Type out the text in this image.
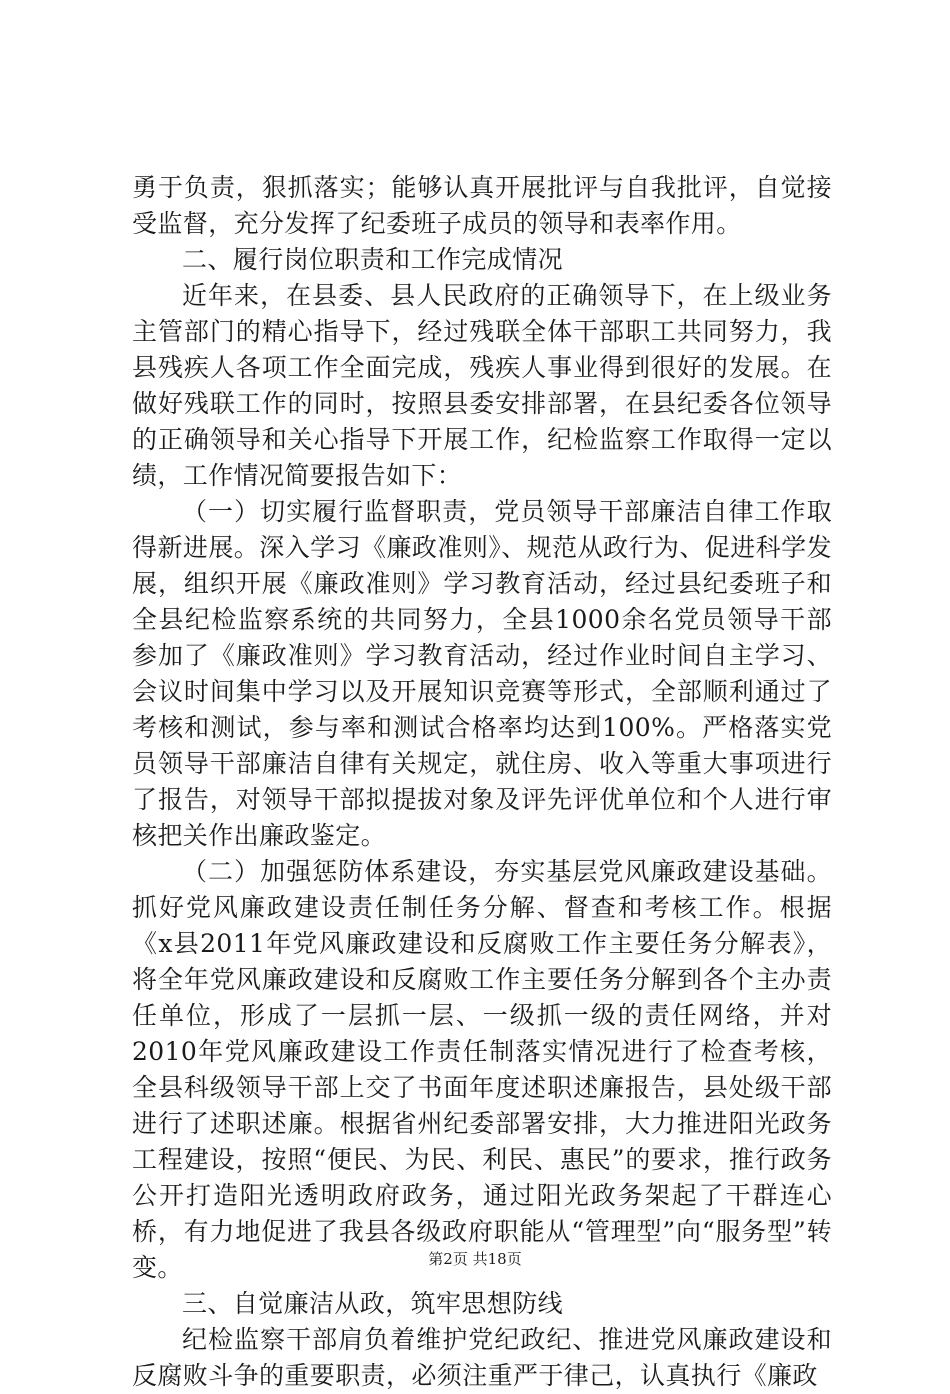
勇于负责，狠抓落实；能够认真开展批评与自我批评，自觉接受监督，充分发挥了纪委班子成员的领导和表率作用。

二、履行岗位职责和工作完成情况

近年来，在县委、县人民政府的正确领导下，在上级业务主管部门的精心指导下，经过残联全体干部职工共同努力，我县残疾人各项工作全面完成，残疾人事业得到很好的发展。在做好残联工作的同时，按照县委安排部署，在县纪委各位领导的正确领导和关心指导下开展工作，纪检监察工作取得一定以绩，工作情况简要报告如下：

（一）切实履行监督职责，党员领导干部廉洁自律工作取得新进展。深入学习《廉政准则》、规范从政行为、促进科学发展，组织开展《廉政准则》学习教育活动，经过县纪委班子和全县纪检监察系统的共同努力，全县1000余名党员领导干部参加了《廉政准则》学习教育活动，经过作业时间自主学习、会议时间集中学习以及开展知识竞赛等形式，全部顺利通过了考核和测试，参与率和测试合格率均达到100%。严格落实党员领导干部廉洁自律有关规定，就住房、收入等重大事项进行了报告，对领导干部拟提拔对象及评先评优单位和个人进行审核把关作出廉政鉴定。

（二）加强惩防体系建设，夯实基层党风廉政建设基础。抓好党风廉政建设责任制任务分解、督查和考核工作。根据《x县2011年党风廉政建设和反腐败工作主要任务分解表》，将全年党风廉政建设和反腐败工作主要任务分解到各个主办责任单位，形成了一层抓一层、一级抓一级的责任网络，并对2010年党风廉政建设工作责任制落实情况进行了检查考核，全县科级领导干部上交了书面年度述职述廉报告，县处级干部进行了述职述廉。根据省州纪委部署安排，大力推进阳光政务工程建设，按照“便民、为民、利民、惠民”的要求，推行政务公开打造阳光透明政府政务，通过阳光政务架起了干群连心桥，有力地促进了我县各级政府职能从“管理型”向“服务型”转变。

三、自觉廉洁从政，筑牢思想防线

纪检监察干部肩负着维护党纪政纪、推进党风廉政建设和反腐败斗争的重要职责，必须注重严于律己，认真执行《廉政

第2页 共18页
